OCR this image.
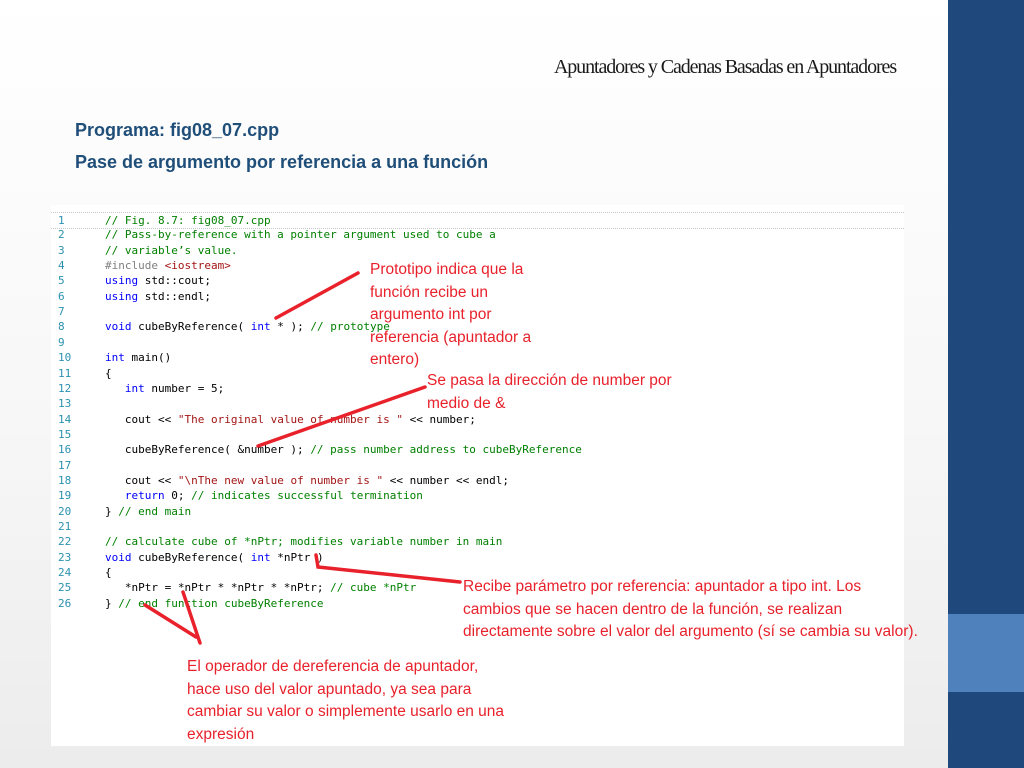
Apuntadores y Cadenas Basadas en Apuntadores
Programa: fig08_07.cpp
Pase de argumento por referencia a una función
1	// Fig. 8.7: fig08_07.cpp
2	// Pass-by-reference with a pointer argument used to cube a
3	// variable’s value.
4	#include <iostream>
5	using std::cout;
6	using std::endl;
7
8	void cubeByReference( int * ); // prototype
9
10	int main()
11	{
12	int number = 5;
13
14	cout << "The original value of number is " << number;
15
16	cubeByReference( &number ); // pass number address to cubeByReference
17
18	cout << "\nThe new value of number is " << number << endl;
19	return 0; // indicates successful termination
20	} // end main
21
22	// calculate cube of *nPtr; modifies variable number in main
23	void cubeByReference( int *nPtr )
24	{
25	*nPtr = *nPtr * *nPtr * *nPtr; // cube *nPtr
26	} // end function cubeByReference
Prototipo indica que la función recibe un argumento int por referencia (apuntador a entero)
Se pasa la dirección de number por medio de &
Recibe parámetro por referencia: apuntador a tipo int. Los cambios que se hacen dentro de la función, se realizan directamente sobre el valor del argumento (sí se cambia su valor).
El operador de dereferencia de apuntador, hace uso del valor apuntado, ya sea para cambiar su valor o simplemente usarlo en una expresión
